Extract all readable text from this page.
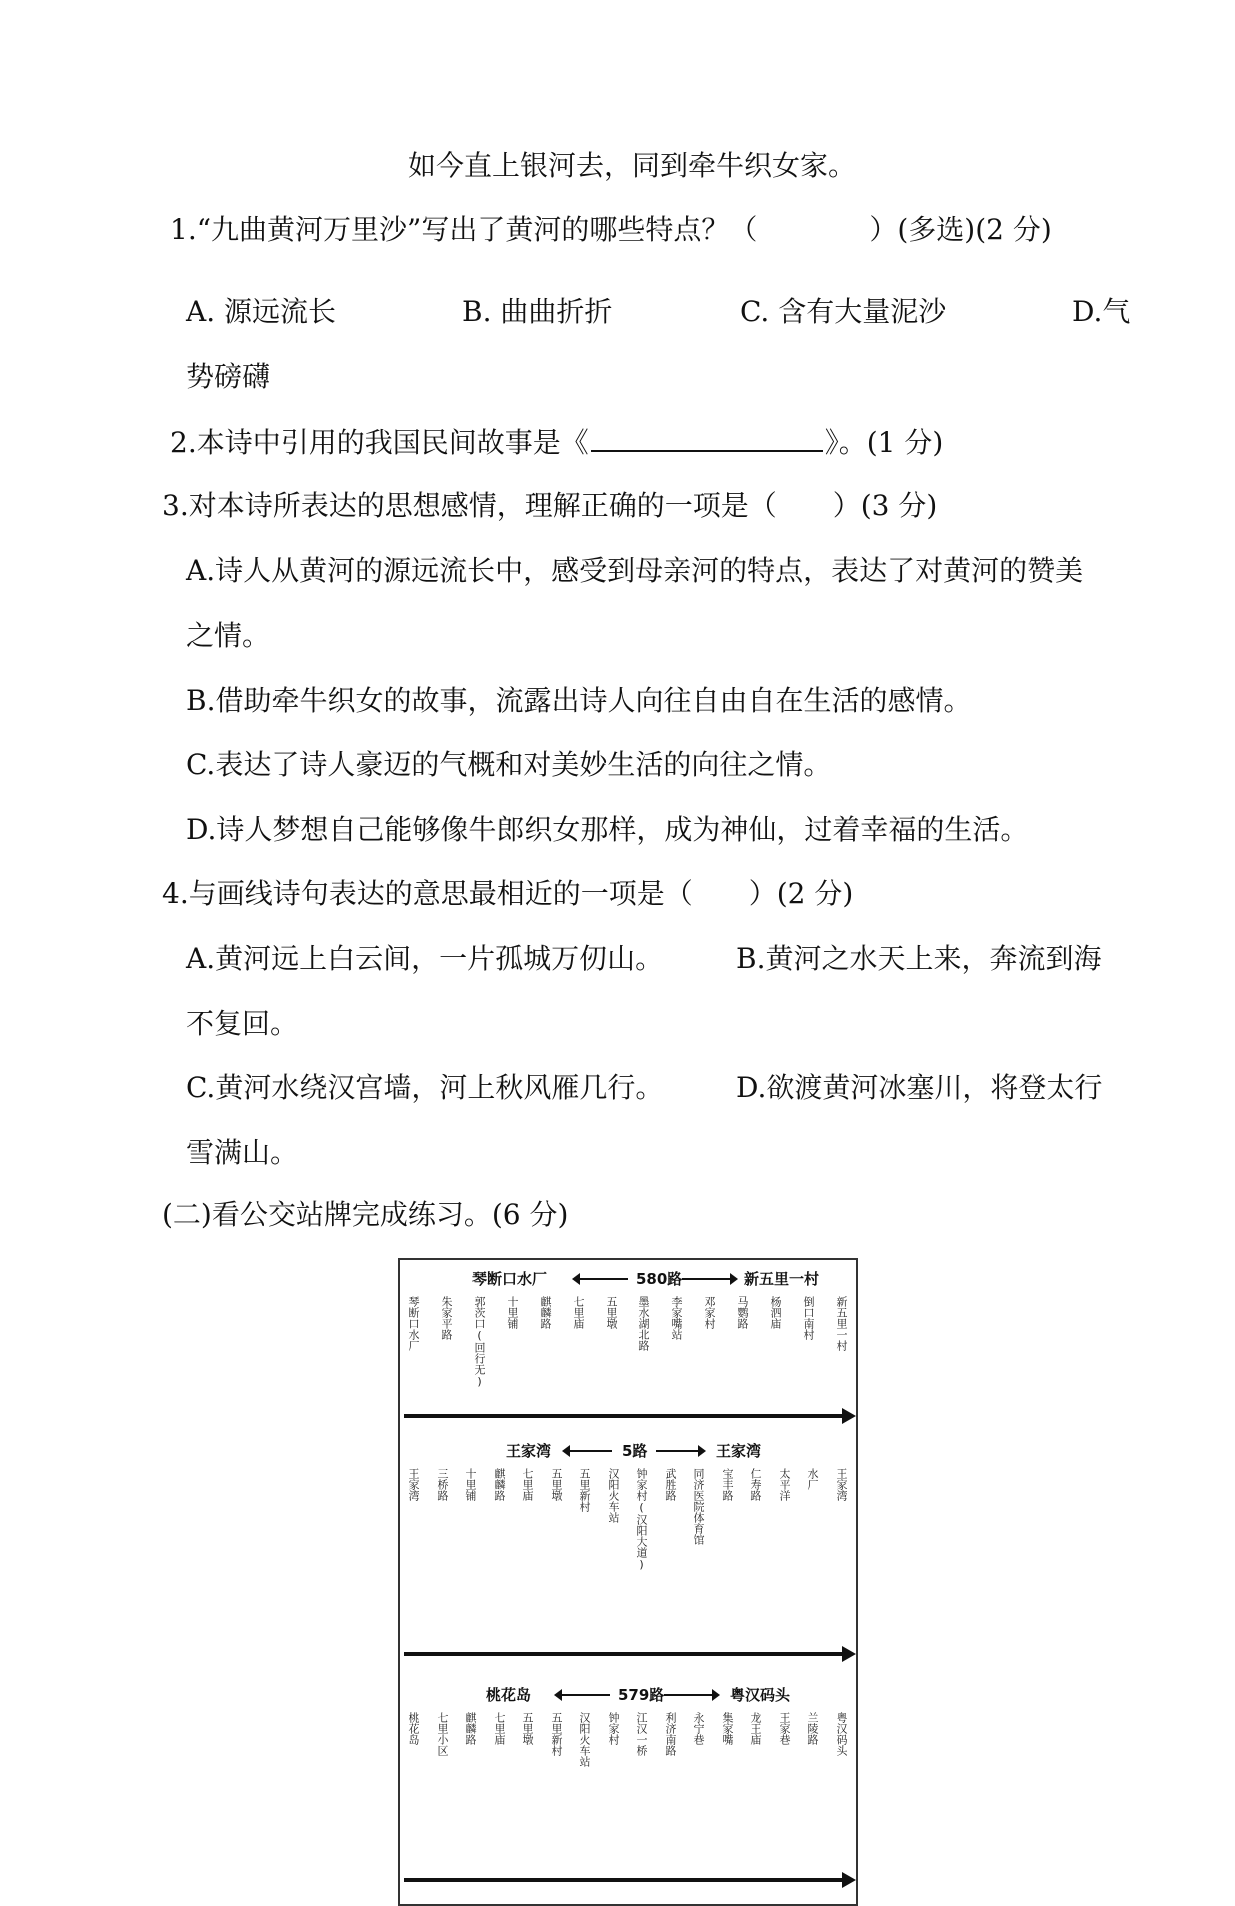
如今直上银河去，同到牵牛织女家。
1.“九曲黄河万里沙”写出了黄河的哪些特点？（　　　　）(多选)(2 分)
A. 源远流长	B. 曲曲折折	C. 含有大量泥沙	D.气
势磅礴
2.本诗中引用的我国民间故事是《	》。(1 分)
3.对本诗所表达的思想感情，理解正确的一项是（　　）(3 分)
A.诗人从黄河的源远流长中，感受到母亲河的特点，表达了对黄河的赞美
之情。
B.借助牵牛织女的故事，流露出诗人向往自由自在生活的感情。
C.表达了诗人豪迈的气概和对美妙生活的向往之情。
D.诗人梦想自己能够像牛郎织女那样，成为神仙，过着幸福的生活。
4.与画线诗句表达的意思最相近的一项是（　　）(2 分)
A.黄河远上白云间，一片孤城万仞山。	B.黄河之水天上来，奔流到海
不复回。
C.黄河水绕汉宫墙，河上秋风雁几行。	D.欲渡黄河冰塞川，将登太行
雪满山。
(二)看公交站牌完成练习。(6 分)
琴断口水厂	580路	新五里一村
琴断口水厂 朱家平路 郭茨口(回行无) 十里铺 麒麟路 七里庙 五里墩 墨水湖北路 李家嘴站 邓家村 马鹦路 杨泗庙 倒口南村 新五里一村
王家湾	5路	王家湾
王家湾 三桥路 十里铺 麒麟路 七里庙 五里墩 五里新村 汉阳火车站 钟家村(汉阳大道) 武胜路 同济医院体育馆 宝丰路 仁寿路 太平洋 水厂 王家湾
桃花岛	579路	粤汉码头
桃花岛 七里小区 麒麟路 七里庙 五里墩 五里新村 汉阳火车站 钟家村 江汉一桥 利济南路 永宁巷 集家嘴 龙王庙 王家巷 兰陵路 粤汉码头
